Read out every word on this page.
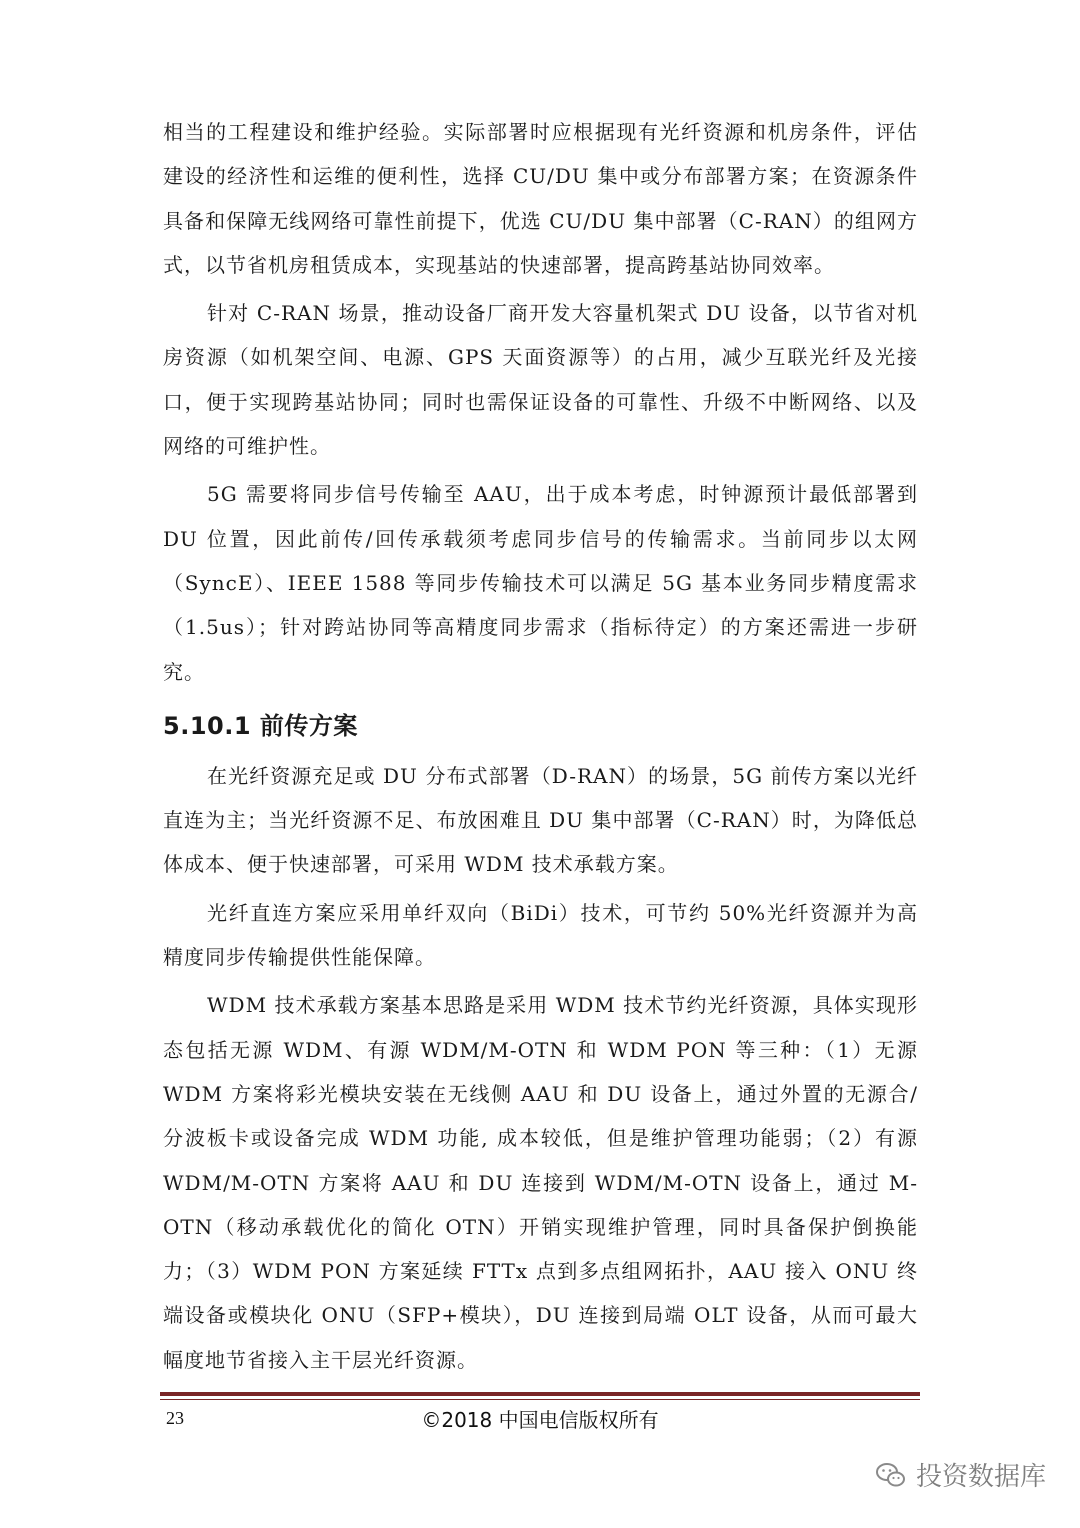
相当的工程建设和维护经验。实际部署时应根据现有光纤资源和机房条件，评估建设的经济性和运维的便利性，选择 CU/DU 集中或分布部署方案；在资源条件具备和保障无线网络可靠性前提下，优选 CU/DU 集中部署（C-RAN）的组网方式，以节省机房租赁成本，实现基站的快速部署，提高跨基站协同效率。

针对 C-RAN 场景，推动设备厂商开发大容量机架式 DU 设备，以节省对机房资源（如机架空间、电源、GPS 天面资源等）的占用，减少互联光纤及光接口，便于实现跨基站协同；同时也需保证设备的可靠性、升级不中断网络、以及网络的可维护性。

5G 需要将同步信号传输至 AAU，出于成本考虑，时钟源预计最低部署到 DU 位置，因此前传/回传承载须考虑同步信号的传输需求。当前同步以太网（SyncE）、IEEE 1588 等同步传输技术可以满足 5G 基本业务同步精度需求（1.5us）；针对跨站协同等高精度同步需求（指标待定）的方案还需进一步研究。

5.10.1 前传方案

在光纤资源充足或 DU 分布式部署（D-RAN）的场景，5G 前传方案以光纤直连为主；当光纤资源不足、布放困难且 DU 集中部署（C-RAN）时，为降低总体成本、便于快速部署，可采用 WDM 技术承载方案。

光纤直连方案应采用单纤双向（BiDi）技术，可节约 50%光纤资源并为高精度同步传输提供性能保障。

WDM 技术承载方案基本思路是采用 WDM 技术节约光纤资源，具体实现形态包括无源 WDM、有源 WDM/M-OTN 和 WDM PON 等三种：（1）无源 WDM 方案将彩光模块安装在无线侧 AAU 和 DU 设备上，通过外置的无源合/分波板卡或设备完成 WDM 功能, 成本较低，但是维护管理功能弱；（2）有源 WDM/M-OTN 方案将 AAU 和 DU 连接到 WDM/M-OTN 设备上，通过 M-OTN（移动承载优化的简化 OTN）开销实现维护管理，同时具备保护倒换能力；（3）WDM PON 方案延续 FTTx 点到多点组网拓扑，AAU 接入 ONU 终端设备或模块化 ONU（SFP+模块），DU 连接到局端 OLT 设备，从而可最大幅度地节省接入主干层光纤资源。

23	©2018 中国电信版权所有
投资数据库
